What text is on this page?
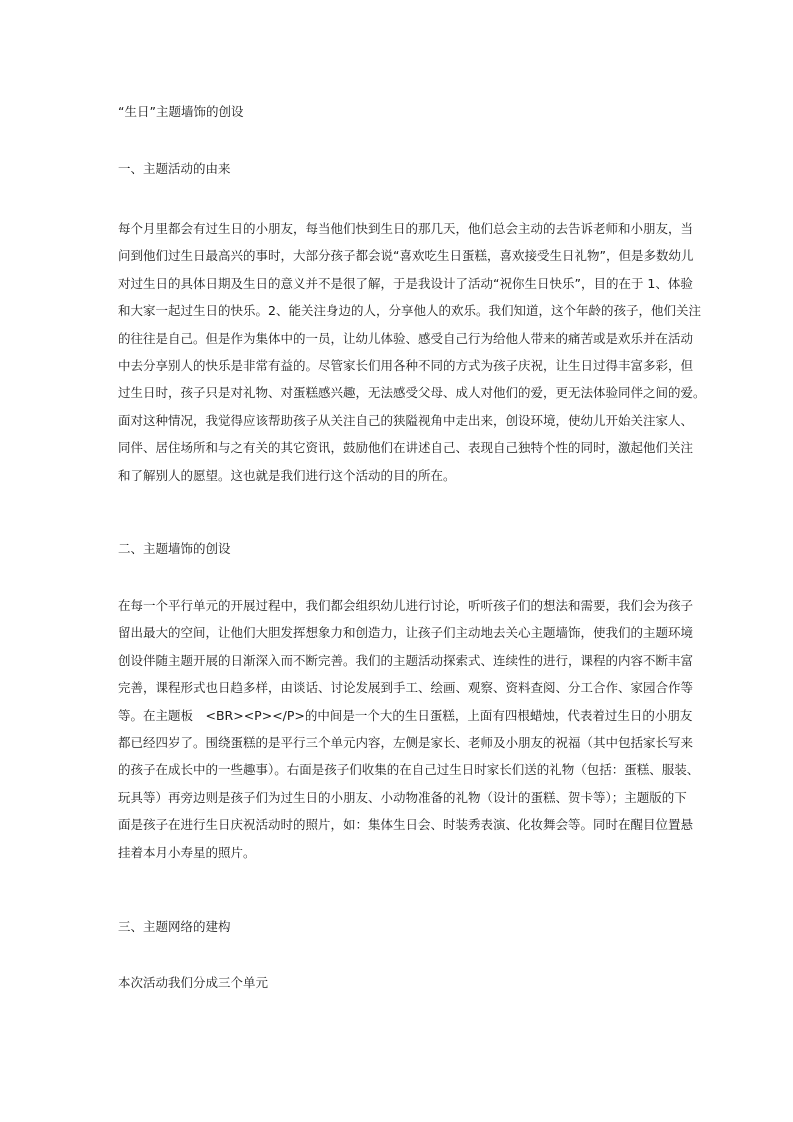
“生日”主题墙饰的创设
一、主题活动的由来
每个月里都会有过生日的小朋友，每当他们快到生日的那几天，他们总会主动的去告诉老师和小朋友，当
问到他们过生日最高兴的事时，大部分孩子都会说“喜欢吃生日蛋糕，喜欢接受生日礼物”，但是多数幼儿
对过生日的具体日期及生日的意义并不是很了解，于是我设计了活动“祝你生日快乐”，目的在于 1、体验
和大家一起过生日的快乐。2、能关注身边的人，分享他人的欢乐。我们知道，这个年龄的孩子，他们关注
的往往是自己。但是作为集体中的一员，让幼儿体验、感受自己行为给他人带来的痛苦或是欢乐并在活动
中去分享别人的快乐是非常有益的。尽管家长们用各种不同的方式为孩子庆祝，让生日过得丰富多彩，但
过生日时，孩子只是对礼物、对蛋糕感兴趣，无法感受父母、成人对他们的爱，更无法体验同伴之间的爱。
面对这种情况，我觉得应该帮助孩子从关注自己的狭隘视角中走出来，创设环境，使幼儿开始关注家人、
同伴、居住场所和与之有关的其它资讯，鼓励他们在讲述自己、表现自己独特个性的同时，激起他们关注
和了解别人的愿望。这也就是我们进行这个活动的目的所在。
二、主题墙饰的创设
在每一个平行单元的开展过程中，我们都会组织幼儿进行讨论，听听孩子们的想法和需要，我们会为孩子
留出最大的空间，让他们大胆发挥想象力和创造力，让孩子们主动地去关心主题墙饰，使我们的主题环境
创设伴随主题开展的日渐深入而不断完善。我们的主题活动探索式、连续性的进行，课程的内容不断丰富
完善，课程形式也日趋多样，由谈话、讨论发展到手工、绘画、观察、资料查阅、分工合作、家园合作等
等。在主题板　<BR><P></P>的中间是一个大的生日蛋糕，上面有四根蜡烛，代表着过生日的小朋友
都已经四岁了。围绕蛋糕的是平行三个单元内容，左侧是家长、老师及小朋友的祝福（其中包括家长写来
的孩子在成长中的一些趣事）。右面是孩子们收集的在自己过生日时家长们送的礼物（包括：蛋糕、服装、
玩具等）再旁边则是孩子们为过生日的小朋友、小动物准备的礼物（设计的蛋糕、贺卡等）；主题版的下
面是孩子在进行生日庆祝活动时的照片，如：集体生日会、时装秀表演、化妆舞会等。同时在醒目位置悬
挂着本月小寿星的照片。
三、主题网络的建构
本次活动我们分成三个单元
